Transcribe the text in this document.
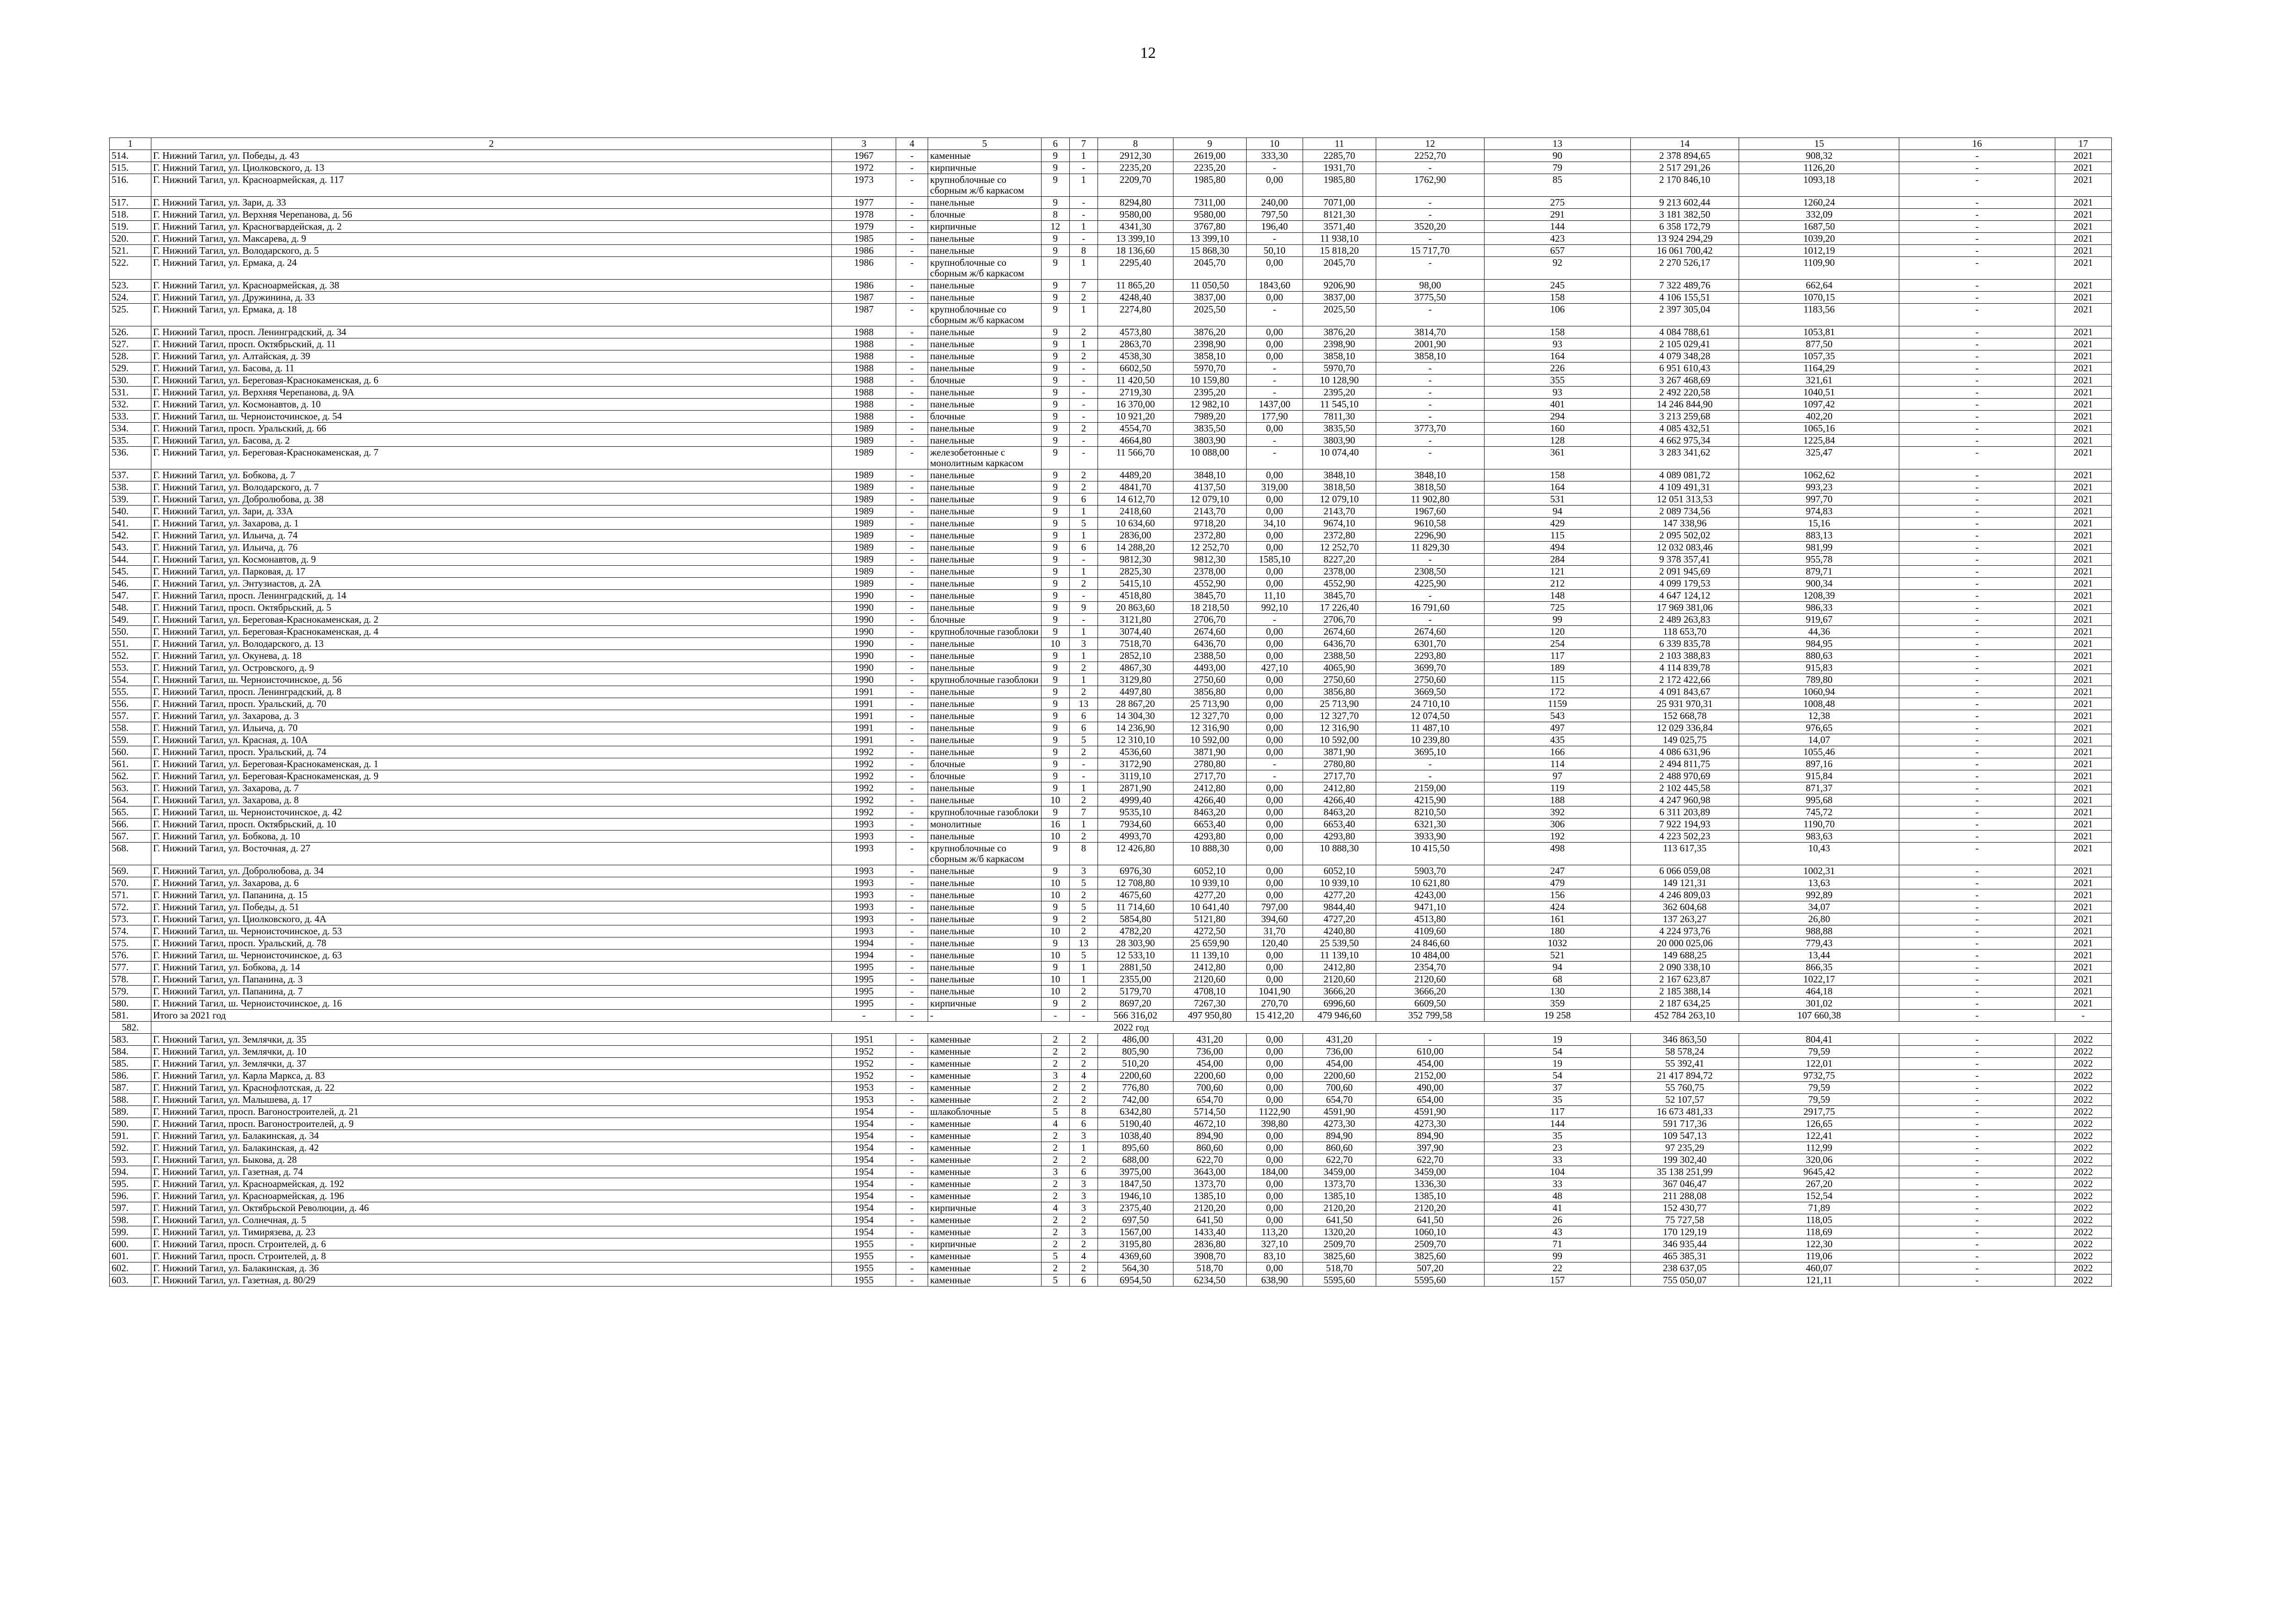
12
1	2	3	4	5	6	7	8	9	10	11	12	13	14	15	16	17
514.	Г. Нижний Тагил, ул. Победы, д. 43	1967	-	каменные	9	1	2912,30	2619,00	333,30	2285,70	2252,70	90	2 378 894,65	908,32	-	2021
515.	Г. Нижний Тагил, ул. Циолковского, д. 13	1972	-	кирпичные	9	-	2235,20	2235,20	-	1931,70	-	79	2 517 291,26	1126,20	-	2021
516.	Г. Нижний Тагил, ул. Красноармейская, д. 117	1973	-	крупноблочные со сборным ж/б каркасом	9	1	2209,70	1985,80	0,00	1985,80	1762,90	85	2 170 846,10	1093,18	-	2021
517.	Г. Нижний Тагил, ул. Зари, д. 33	1977	-	панельные	9	-	8294,80	7311,00	240,00	7071,00	-	275	9 213 602,44	1260,24	-	2021
518.	Г. Нижний Тагил, ул. Верхняя Черепанова, д. 56	1978	-	блочные	8	-	9580,00	9580,00	797,50	8121,30	-	291	3 181 382,50	332,09	-	2021
519.	Г. Нижний Тагил, ул. Красногвардейская, д. 2	1979	-	кирпичные	12	1	4341,30	3767,80	196,40	3571,40	3520,20	144	6 358 172,79	1687,50	-	2021
520.	Г. Нижний Тагил, ул. Максарева, д. 9	1985	-	панельные	9	-	13 399,10	13 399,10	-	11 938,10	-	423	13 924 294,29	1039,20	-	2021
521.	Г. Нижний Тагил, ул. Володарского, д. 5	1986	-	панельные	9	8	18 136,60	15 868,30	50,10	15 818,20	15 717,70	657	16 061 700,42	1012,19	-	2021
522.	Г. Нижний Тагил, ул. Ермака, д. 24	1986	-	крупноблочные со сборным ж/б каркасом	9	1	2295,40	2045,70	0,00	2045,70	-	92	2 270 526,17	1109,90	-	2021
523.	Г. Нижний Тагил, ул. Красноармейская, д. 38	1986	-	панельные	9	7	11 865,20	11 050,50	1843,60	9206,90	98,00	245	7 322 489,76	662,64	-	2021
524.	Г. Нижний Тагил, ул. Дружинина, д. 33	1987	-	панельные	9	2	4248,40	3837,00	0,00	3837,00	3775,50	158	4 106 155,51	1070,15	-	2021
525.	Г. Нижний Тагил, ул. Ермака, д. 18	1987	-	крупноблочные со сборным ж/б каркасом	9	1	2274,80	2025,50	-	2025,50	-	106	2 397 305,04	1183,56	-	2021
526.	Г. Нижний Тагил, просп. Ленинградский, д. 34	1988	-	панельные	9	2	4573,80	3876,20	0,00	3876,20	3814,70	158	4 084 788,61	1053,81	-	2021
527.	Г. Нижний Тагил, просп. Октябрьский, д. 11	1988	-	панельные	9	1	2863,70	2398,90	0,00	2398,90	2001,90	93	2 105 029,41	877,50	-	2021
528.	Г. Нижний Тагил, ул. Алтайская, д. 39	1988	-	панельные	9	2	4538,30	3858,10	0,00	3858,10	3858,10	164	4 079 348,28	1057,35	-	2021
529.	Г. Нижний Тагил, ул. Басова, д. 11	1988	-	панельные	9	-	6602,50	5970,70	-	5970,70	-	226	6 951 610,43	1164,29	-	2021
530.	Г. Нижний Тагил, ул. Береговая-Краснокаменская, д. 6	1988	-	блочные	9	-	11 420,50	10 159,80	-	10 128,90	-	355	3 267 468,69	321,61	-	2021
531.	Г. Нижний Тагил, ул. Верхняя Черепанова, д. 9А	1988	-	панельные	9	-	2719,30	2395,20	-	2395,20	-	93	2 492 220,58	1040,51	-	2021
532.	Г. Нижний Тагил, ул. Космонавтов, д. 10	1988	-	панельные	9	-	16 370,00	12 982,10	1437,00	11 545,10	-	401	14 246 844,90	1097,42	-	2021
533.	Г. Нижний Тагил, ш. Черноисточинское, д. 54	1988	-	блочные	9	-	10 921,20	7989,20	177,90	7811,30	-	294	3 213 259,68	402,20	-	2021
534.	Г. Нижний Тагил, просп. Уральский, д. 66	1989	-	панельные	9	2	4554,70	3835,50	0,00	3835,50	3773,70	160	4 085 432,51	1065,16	-	2021
535.	Г. Нижний Тагил, ул. Басова, д. 2	1989	-	панельные	9	-	4664,80	3803,90	-	3803,90	-	128	4 662 975,34	1225,84	-	2021
536.	Г. Нижний Тагил, ул. Береговая-Краснокаменская, д. 7	1989	-	железобетонные с монолитным каркасом	9	-	11 566,70	10 088,00	-	10 074,40	-	361	3 283 341,62	325,47	-	2021
537.	Г. Нижний Тагил, ул. Бобкова, д. 7	1989	-	панельные	9	2	4489,20	3848,10	0,00	3848,10	3848,10	158	4 089 081,72	1062,62	-	2021
538.	Г. Нижний Тагил, ул. Володарского, д. 7	1989	-	панельные	9	2	4841,70	4137,50	319,00	3818,50	3818,50	164	4 109 491,31	993,23	-	2021
539.	Г. Нижний Тагил, ул. Добролюбова, д. 38	1989	-	панельные	9	6	14 612,70	12 079,10	0,00	12 079,10	11 902,80	531	12 051 313,53	997,70	-	2021
540.	Г. Нижний Тагил, ул. Зари, д. 33А	1989	-	панельные	9	1	2418,60	2143,70	0,00	2143,70	1967,60	94	2 089 734,56	974,83	-	2021
541.	Г. Нижний Тагил, ул. Захарова, д. 1	1989	-	панельные	9	5	10 634,60	9718,20	34,10	9674,10	9610,58	429	147 338,96	15,16	-	2021
542.	Г. Нижний Тагил, ул. Ильича, д. 74	1989	-	панельные	9	1	2836,00	2372,80	0,00	2372,80	2296,90	115	2 095 502,02	883,13	-	2021
543.	Г. Нижний Тагил, ул. Ильича, д. 76	1989	-	панельные	9	6	14 288,20	12 252,70	0,00	12 252,70	11 829,30	494	12 032 083,46	981,99	-	2021
544.	Г. Нижний Тагил, ул. Космонавтов, д. 9	1989	-	панельные	9	-	9812,30	9812,30	1585,10	8227,20	-	284	9 378 357,41	955,78	-	2021
545.	Г. Нижний Тагил, ул. Парковая, д. 17	1989	-	панельные	9	1	2825,30	2378,00	0,00	2378,00	2308,50	121	2 091 945,69	879,71	-	2021
546.	Г. Нижний Тагил, ул. Энтузиастов, д. 2А	1989	-	панельные	9	2	5415,10	4552,90	0,00	4552,90	4225,90	212	4 099 179,53	900,34	-	2021
547.	Г. Нижний Тагил, просп. Ленинградский, д. 14	1990	-	панельные	9	-	4518,80	3845,70	11,10	3845,70	-	148	4 647 124,12	1208,39	-	2021
548.	Г. Нижний Тагил, просп. Октябрьский, д. 5	1990	-	панельные	9	9	20 863,60	18 218,50	992,10	17 226,40	16 791,60	725	17 969 381,06	986,33	-	2021
549.	Г. Нижний Тагил, ул. Береговая-Краснокаменская, д. 2	1990	-	блочные	9	-	3121,80	2706,70	-	2706,70	-	99	2 489 263,83	919,67	-	2021
550.	Г. Нижний Тагил, ул. Береговая-Краснокаменская, д. 4	1990	-	крупноблочные газоблоки	9	1	3074,40	2674,60	0,00	2674,60	2674,60	120	118 653,70	44,36	-	2021
551.	Г. Нижний Тагил, ул. Володарского, д. 13	1990	-	панельные	10	3	7518,70	6436,70	0,00	6436,70	6301,70	254	6 339 835,78	984,95	-	2021
552.	Г. Нижний Тагил, ул. Окунева, д. 18	1990	-	панельные	9	1	2852,10	2388,50	0,00	2388,50	2293,80	117	2 103 388,83	880,63	-	2021
553.	Г. Нижний Тагил, ул. Островского, д. 9	1990	-	панельные	9	2	4867,30	4493,00	427,10	4065,90	3699,70	189	4 114 839,78	915,83	-	2021
554.	Г. Нижний Тагил, ш. Черноисточинское, д. 56	1990	-	крупноблочные газоблоки	9	1	3129,80	2750,60	0,00	2750,60	2750,60	115	2 172 422,66	789,80	-	2021
555.	Г. Нижний Тагил, просп. Ленинградский, д. 8	1991	-	панельные	9	2	4497,80	3856,80	0,00	3856,80	3669,50	172	4 091 843,67	1060,94	-	2021
556.	Г. Нижний Тагил, просп. Уральский, д. 70	1991	-	панельные	9	13	28 867,20	25 713,90	0,00	25 713,90	24 710,10	1159	25 931 970,31	1008,48	-	2021
557.	Г. Нижний Тагил, ул. Захарова, д. 3	1991	-	панельные	9	6	14 304,30	12 327,70	0,00	12 327,70	12 074,50	543	152 668,78	12,38	-	2021
558.	Г. Нижний Тагил, ул. Ильича, д. 70	1991	-	панельные	9	6	14 236,90	12 316,90	0,00	12 316,90	11 487,10	497	12 029 336,84	976,65	-	2021
559.	Г. Нижний Тагил, ул. Красная, д. 10А	1991	-	панельные	9	5	12 310,10	10 592,00	0,00	10 592,00	10 239,80	435	149 025,75	14,07	-	2021
560.	Г. Нижний Тагил, просп. Уральский, д. 74	1992	-	панельные	9	2	4536,60	3871,90	0,00	3871,90	3695,10	166	4 086 631,96	1055,46	-	2021
561.	Г. Нижний Тагил, ул. Береговая-Краснокаменская, д. 1	1992	-	блочные	9	-	3172,90	2780,80	-	2780,80	-	114	2 494 811,75	897,16	-	2021
562.	Г. Нижний Тагил, ул. Береговая-Краснокаменская, д. 9	1992	-	блочные	9	-	3119,10	2717,70	-	2717,70	-	97	2 488 970,69	915,84	-	2021
563.	Г. Нижний Тагил, ул. Захарова, д. 7	1992	-	панельные	9	1	2871,90	2412,80	0,00	2412,80	2159,00	119	2 102 445,58	871,37	-	2021
564.	Г. Нижний Тагил, ул. Захарова, д. 8	1992	-	панельные	10	2	4999,40	4266,40	0,00	4266,40	4215,90	188	4 247 960,98	995,68	-	2021
565.	Г. Нижний Тагил, ш. Черноисточинское, д. 42	1992	-	крупноблочные газоблоки	9	7	9535,10	8463,20	0,00	8463,20	8210,50	392	6 311 203,89	745,72	-	2021
566.	Г. Нижний Тагил, просп. Октябрьский, д. 10	1993	-	монолитные	16	1	7934,60	6653,40	0,00	6653,40	6321,30	306	7 922 194,93	1190,70	-	2021
567.	Г. Нижний Тагил, ул. Бобкова, д. 10	1993	-	панельные	10	2	4993,70	4293,80	0,00	4293,80	3933,90	192	4 223 502,23	983,63	-	2021
568.	Г. Нижний Тагил, ул. Восточная, д. 27	1993	-	крупноблочные со сборным ж/б каркасом	9	8	12 426,80	10 888,30	0,00	10 888,30	10 415,50	498	113 617,35	10,43	-	2021
569.	Г. Нижний Тагил, ул. Добролюбова, д. 34	1993	-	панельные	9	3	6976,30	6052,10	0,00	6052,10	5903,70	247	6 066 059,08	1002,31	-	2021
570.	Г. Нижний Тагил, ул. Захарова, д. 6	1993	-	панельные	10	5	12 708,80	10 939,10	0,00	10 939,10	10 621,80	479	149 121,31	13,63	-	2021
571.	Г. Нижний Тагил, ул. Папанина, д. 15	1993	-	панельные	10	2	4675,60	4277,20	0,00	4277,20	4243,00	156	4 246 809,03	992,89	-	2021
572.	Г. Нижний Тагил, ул. Победы, д. 51	1993	-	панельные	9	5	11 714,60	10 641,40	797,00	9844,40	9471,10	424	362 604,68	34,07	-	2021
573.	Г. Нижний Тагил, ул. Циолковского, д. 4А	1993	-	панельные	9	2	5854,80	5121,80	394,60	4727,20	4513,80	161	137 263,27	26,80	-	2021
574.	Г. Нижний Тагил, ш. Черноисточинское, д. 53	1993	-	панельные	10	2	4782,20	4272,50	31,70	4240,80	4109,60	180	4 224 973,76	988,88	-	2021
575.	Г. Нижний Тагил, просп. Уральский, д. 78	1994	-	панельные	9	13	28 303,90	25 659,90	120,40	25 539,50	24 846,60	1032	20 000 025,06	779,43	-	2021
576.	Г. Нижний Тагил, ш. Черноисточинское, д. 63	1994	-	панельные	10	5	12 533,10	11 139,10	0,00	11 139,10	10 484,00	521	149 688,25	13,44	-	2021
577.	Г. Нижний Тагил, ул. Бобкова, д. 14	1995	-	панельные	9	1	2881,50	2412,80	0,00	2412,80	2354,70	94	2 090 338,10	866,35	-	2021
578.	Г. Нижний Тагил, ул. Папанина, д. 3	1995	-	панельные	10	1	2355,00	2120,60	0,00	2120,60	2120,60	68	2 167 623,87	1022,17	-	2021
579.	Г. Нижний Тагил, ул. Папанина, д. 7	1995	-	панельные	10	2	5179,70	4708,10	1041,90	3666,20	3666,20	130	2 185 388,14	464,18	-	2021
580.	Г. Нижний Тагил, ш. Черноисточинское, д. 16	1995	-	кирпичные	9	2	8697,20	7267,30	270,70	6996,60	6609,50	359	2 187 634,25	301,02	-	2021
581.	Итого за 2021 год	-	-	-	-	-	566 316,02	497 950,80	15 412,20	479 946,60	352 799,58	19 258	452 784 263,10	107 660,38	-	-
582.	2022 год															
583.	Г. Нижний Тагил, ул. Землячки, д. 35	1951	-	каменные	2	2	486,00	431,20	0,00	431,20	-	19	346 863,50	804,41	-	2022
584.	Г. Нижний Тагил, ул. Землячки, д. 10	1952	-	каменные	2	2	805,90	736,00	0,00	736,00	610,00	54	58 578,24	79,59	-	2022
585.	Г. Нижний Тагил, ул. Землячки, д. 37	1952	-	каменные	2	2	510,20	454,00	0,00	454,00	454,00	19	55 392,41	122,01	-	2022
586.	Г. Нижний Тагил, ул. Карла Маркса, д. 83	1952	-	каменные	3	4	2200,60	2200,60	0,00	2200,60	2152,00	54	21 417 894,72	9732,75	-	2022
587.	Г. Нижний Тагил, ул. Краснофлотская, д. 22	1953	-	каменные	2	2	776,80	700,60	0,00	700,60	490,00	37	55 760,75	79,59	-	2022
588.	Г. Нижний Тагил, ул. Малышева, д. 17	1953	-	каменные	2	2	742,00	654,70	0,00	654,70	654,00	35	52 107,57	79,59	-	2022
589.	Г. Нижний Тагил, просп. Вагоностроителей, д. 21	1954	-	шлакоблочные	5	8	6342,80	5714,50	1122,90	4591,90	4591,90	117	16 673 481,33	2917,75	-	2022
590.	Г. Нижний Тагил, просп. Вагоностроителей, д. 9	1954	-	каменные	4	6	5190,40	4672,10	398,80	4273,30	4273,30	144	591 717,36	126,65	-	2022
591.	Г. Нижний Тагил, ул. Балакинская, д. 34	1954	-	каменные	2	3	1038,40	894,90	0,00	894,90	894,90	35	109 547,13	122,41	-	2022
592.	Г. Нижний Тагил, ул. Балакинская, д. 42	1954	-	каменные	2	1	895,60	860,60	0,00	860,60	397,90	23	97 235,29	112,99	-	2022
593.	Г. Нижний Тагил, ул. Быкова, д. 28	1954	-	каменные	2	2	688,00	622,70	0,00	622,70	622,70	33	199 302,40	320,06	-	2022
594.	Г. Нижний Тагил, ул. Газетная, д. 74	1954	-	каменные	3	6	3975,00	3643,00	184,00	3459,00	3459,00	104	35 138 251,99	9645,42	-	2022
595.	Г. Нижний Тагил, ул. Красноармейская, д. 192	1954	-	каменные	2	3	1847,50	1373,70	0,00	1373,70	1336,30	33	367 046,47	267,20	-	2022
596.	Г. Нижний Тагил, ул. Красноармейская, д. 196	1954	-	каменные	2	3	1946,10	1385,10	0,00	1385,10	1385,10	48	211 288,08	152,54	-	2022
597.	Г. Нижний Тагил, ул. Октябрьской Революции, д. 46	1954	-	кирпичные	4	3	2375,40	2120,20	0,00	2120,20	2120,20	41	152 430,77	71,89	-	2022
598.	Г. Нижний Тагил, ул. Солнечная, д. 5	1954	-	каменные	2	2	697,50	641,50	0,00	641,50	641,50	26	75 727,58	118,05	-	2022
599.	Г. Нижний Тагил, ул. Тимирязева, д. 23	1954	-	каменные	2	3	1567,00	1433,40	113,20	1320,20	1060,10	43	170 129,19	118,69	-	2022
600.	Г. Нижний Тагил, просп. Строителей, д. 6	1955	-	кирпичные	2	2	3195,80	2836,80	327,10	2509,70	2509,70	71	346 935,44	122,30	-	2022
601.	Г. Нижний Тагил, просп. Строителей, д. 8	1955	-	каменные	5	4	4369,60	3908,70	83,10	3825,60	3825,60	99	465 385,31	119,06	-	2022
602.	Г. Нижний Тагил, ул. Балакинская, д. 36	1955	-	каменные	2	2	564,30	518,70	0,00	518,70	507,20	22	238 637,05	460,07	-	2022
603.	Г. Нижний Тагил, ул. Газетная, д. 80/29	1955	-	каменные	5	6	6954,50	6234,50	638,90	5595,60	5595,60	157	755 050,07	121,11	-	2022
